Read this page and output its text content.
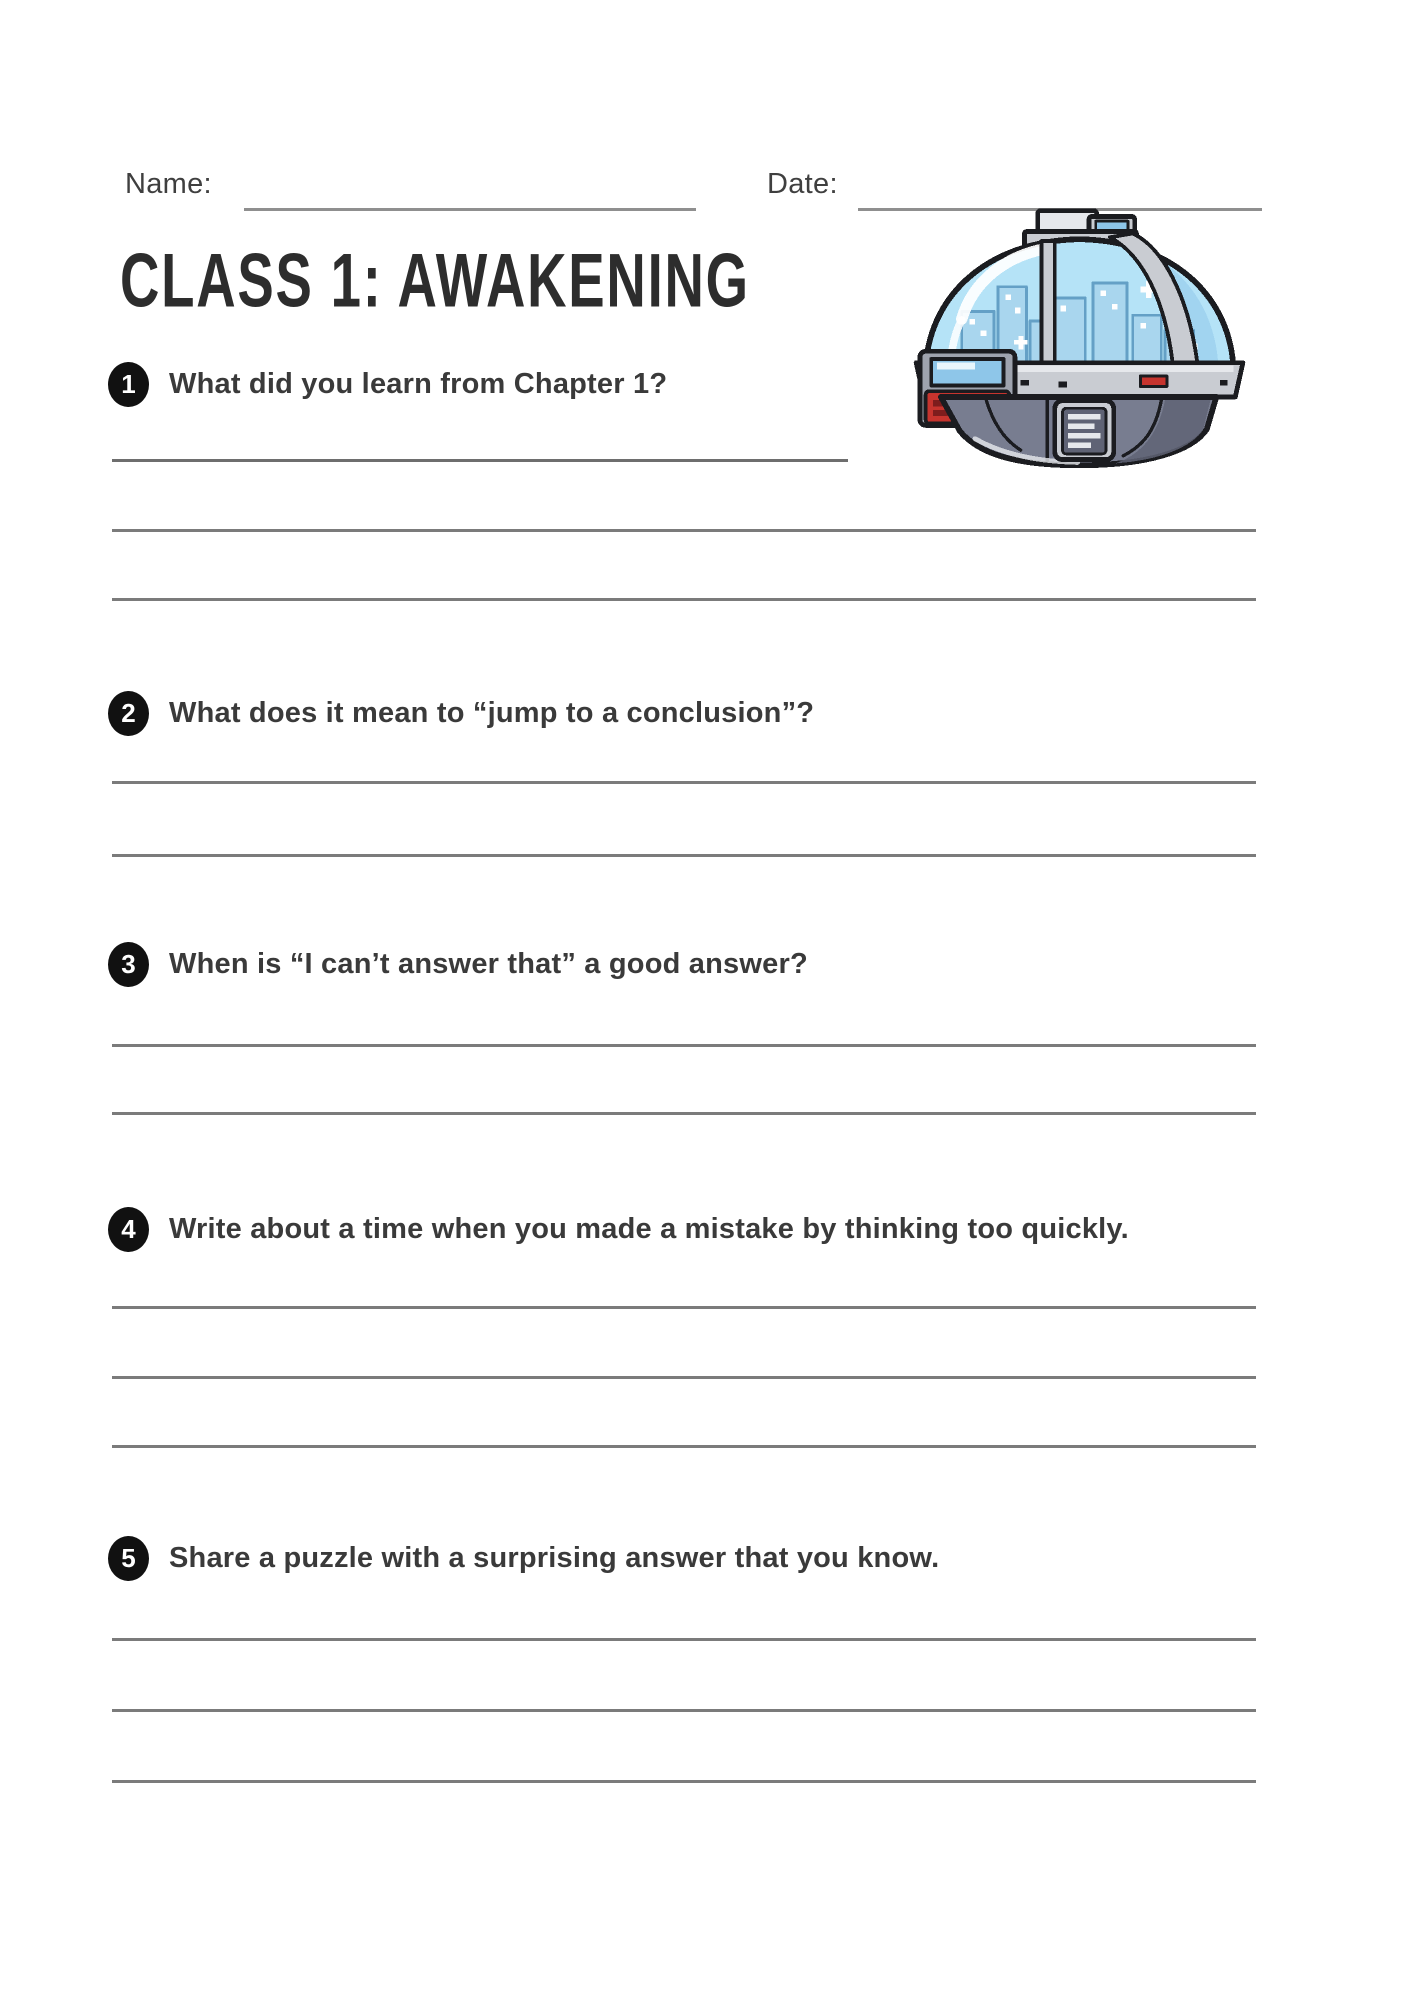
Name:	Date:
CLASS 1: AWAKENING
1	What did you learn from Chapter 1?
2	What does it mean to “jump to a conclusion”?
3	When is “I can’t answer that” a good answer?
4	Write about a time when you made a mistake by thinking too quickly.
5	Share a puzzle with a surprising answer that you know.
